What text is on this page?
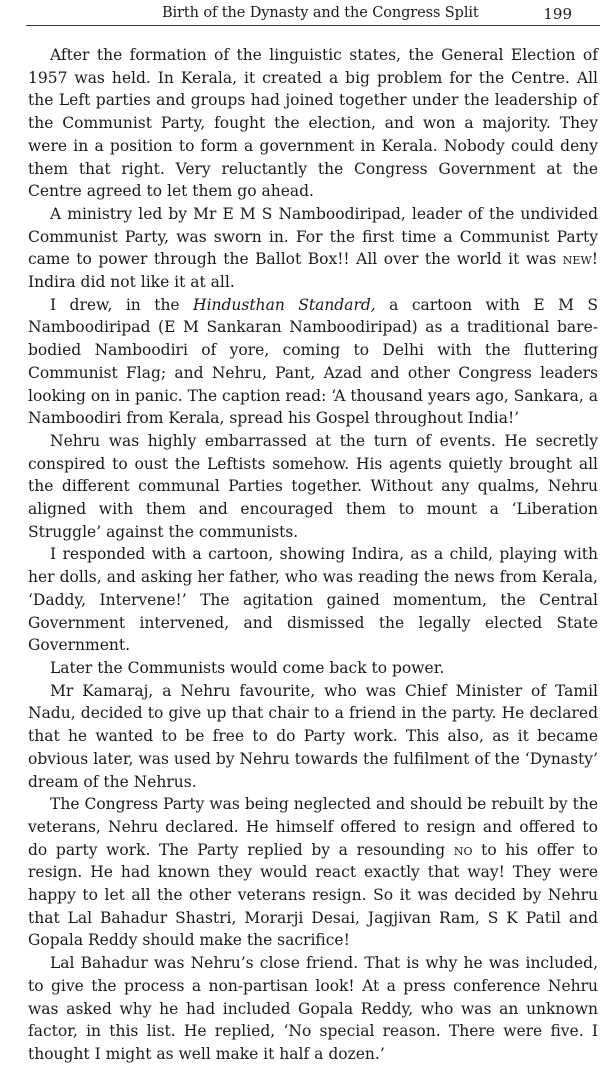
Birth of the Dynasty and the Congress Split	199

After the formation of the linguistic states, the General Election of 1957 was held. In Kerala, it created a big problem for the Centre. All the Left parties and groups had joined together under the leadership of the Communist Party, fought the election, and won a majority. They were in a position to form a government in Kerala. Nobody could deny them that right. Very reluctantly the Congress Government at the Centre agreed to let them go ahead.

A ministry led by Mr E M S Namboodiripad, leader of the undivided Communist Party, was sworn in. For the first time a Communist Party came to power through the Ballot Box!! All over the world it was new! Indira did not like it at all.

I drew, in the Hindusthan Standard, a cartoon with E M S Namboodiripad (E M Sankaran Namboodiripad) as a traditional bare-bodied Namboodiri of yore, coming to Delhi with the fluttering Communist Flag; and Nehru, Pant, Azad and other Congress leaders looking on in panic. The caption read: ‘A thousand years ago, Sankara, a Namboodiri from Kerala, spread his Gospel throughout India!’

Nehru was highly embarrassed at the turn of events. He secretly conspired to oust the Leftists somehow. His agents quietly brought all the different communal Parties together. Without any qualms, Nehru aligned with them and encouraged them to mount a ‘Liberation Struggle’ against the communists.

I responded with a cartoon, showing Indira, as a child, playing with her dolls, and asking her father, who was reading the news from Kerala, ‘Daddy, Intervene!’ The agitation gained momentum, the Central Government intervened, and dismissed the legally elected State Government.

Later the Communists would come back to power.

Mr Kamaraj, a Nehru favourite, who was Chief Minister of Tamil Nadu, decided to give up that chair to a friend in the party. He declared that he wanted to be free to do Party work. This also, as it became obvious later, was used by Nehru towards the fulfilment of the ‘Dynasty’ dream of the Nehrus.

The Congress Party was being neglected and should be rebuilt by the veterans, Nehru declared. He himself offered to resign and offered to do party work. The Party replied by a resounding no to his offer to resign. He had known they would react exactly that way! They were happy to let all the other veterans resign. So it was decided by Nehru that Lal Bahadur Shastri, Morarji Desai, Jagjivan Ram, S K Patil and Gopala Reddy should make the sacrifice!

Lal Bahadur was Nehru’s close friend. That is why he was included, to give the process a non-partisan look! At a press conference Nehru was asked why he had included Gopala Reddy, who was an unknown factor, in this list. He replied, ‘No special reason. There were five. I thought I might as well make it half a dozen.’
